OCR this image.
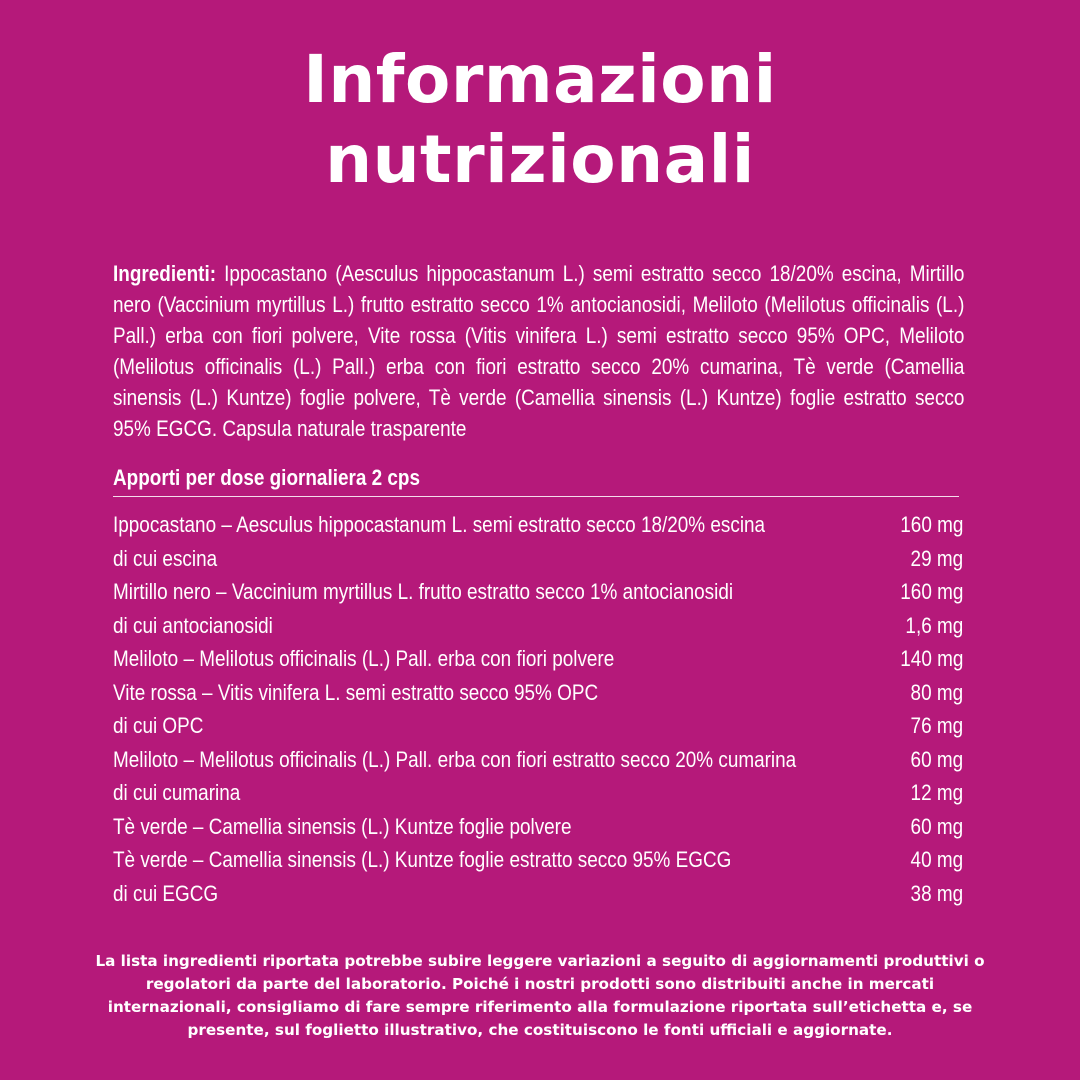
Informazioni
nutrizionali

Ingredienti: Ippocastano (Aesculus hippocastanum L.) semi estratto secco 18/20% escina, Mirtillo nero (Vaccinium myrtillus L.) frutto estratto secco 1% antocianosidi, Meliloto (Melilotus officinalis (L.) Pall.) erba con fiori polvere, Vite rossa (Vitis vinifera L.) semi estratto secco 95% OPC, Meliloto (Melilotus officinalis (L.) Pall.) erba con fiori estratto secco 20% cumarina, Tè verde (Camellia sinensis (L.) Kuntze) foglie polvere, Tè verde (Camellia sinensis (L.) Kuntze) foglie estratto secco 95% EGCG. Capsula naturale trasparente

Apporti per dose giornaliera 2 cps
Ippocastano – Aesculus hippocastanum L. semi estratto secco 18/20% escina	160 mg
di cui escina	29 mg
Mirtillo nero – Vaccinium myrtillus L. frutto estratto secco 1% antocianosidi	160 mg
di cui antocianosidi	1,6 mg
Meliloto – Melilotus officinalis (L.) Pall. erba con fiori polvere	140 mg
Vite rossa – Vitis vinifera L. semi estratto secco 95% OPC	80 mg
di cui OPC	76 mg
Meliloto – Melilotus officinalis (L.) Pall. erba con fiori estratto secco 20% cumarina	60 mg
di cui cumarina	12 mg
Tè verde – Camellia sinensis (L.) Kuntze foglie polvere	60 mg
Tè verde – Camellia sinensis (L.) Kuntze foglie estratto secco 95% EGCG	40 mg
di cui EGCG	38 mg

La lista ingredienti riportata potrebbe subire leggere variazioni a seguito di aggiornamenti produttivi o regolatori da parte del laboratorio. Poiché i nostri prodotti sono distribuiti anche in mercati internazionali, consigliamo di fare sempre riferimento alla formulazione riportata sull’etichetta e, se presente, sul foglietto illustrativo, che costituiscono le fonti ufficiali e aggiornate.
